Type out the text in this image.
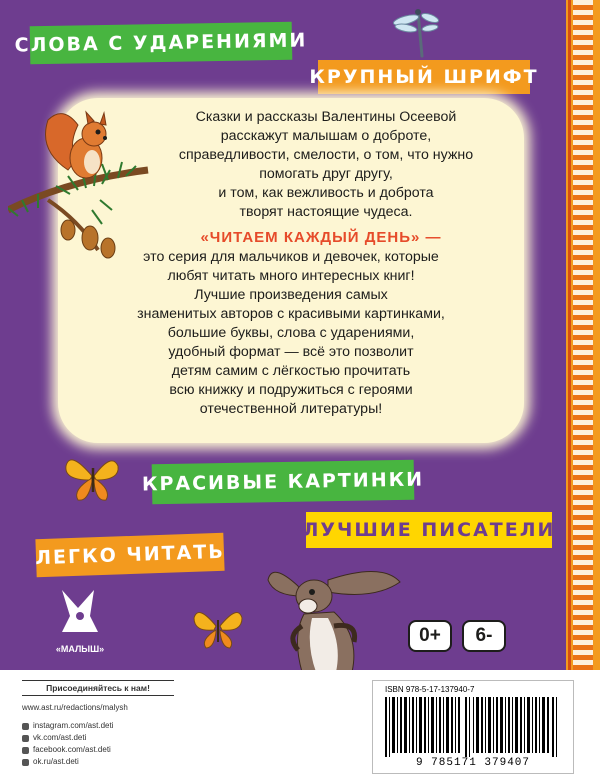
СЛОВА С УДАРЕНИЯМИ
КРУПНЫЙ ШРИФТ
Сказки и рассказы Валентины Осеевой
расскажут малышам о доброте,
справедливости, смелости, о том, что нужно
помогать друг другу,
и том, как вежливость и доброта
творят настоящие чудеса.
«ЧИТАЕМ КАЖДЫЙ ДЕНЬ» —
это серия для мальчиков и девочек, которые
любят читать много интересных книг!
Лучшие произведения самых
знаменитых авторов с красивыми картинками,
большие буквы, слова с ударениями,
удобный формат — всё это позволит
детям самим с лёгкостью прочитать
всю книжку и подружиться с героями
отечественной литературы!
КРАСИВЫЕ КАРТИНКИ
ЛУЧШИЕ ПИСАТЕЛИ
ЛЕГКО ЧИТАТЬ
«МАЛЫШ»
0+	6-
Присоединяйтесь к нам!
www.ast.ru/redactions/malysh
instagram.com/ast.deti
vk.com/ast.deti
facebook.com/ast.deti
ok.ru/ast.deti
ISBN 978-5-17-137940-7
9 785171 379407
